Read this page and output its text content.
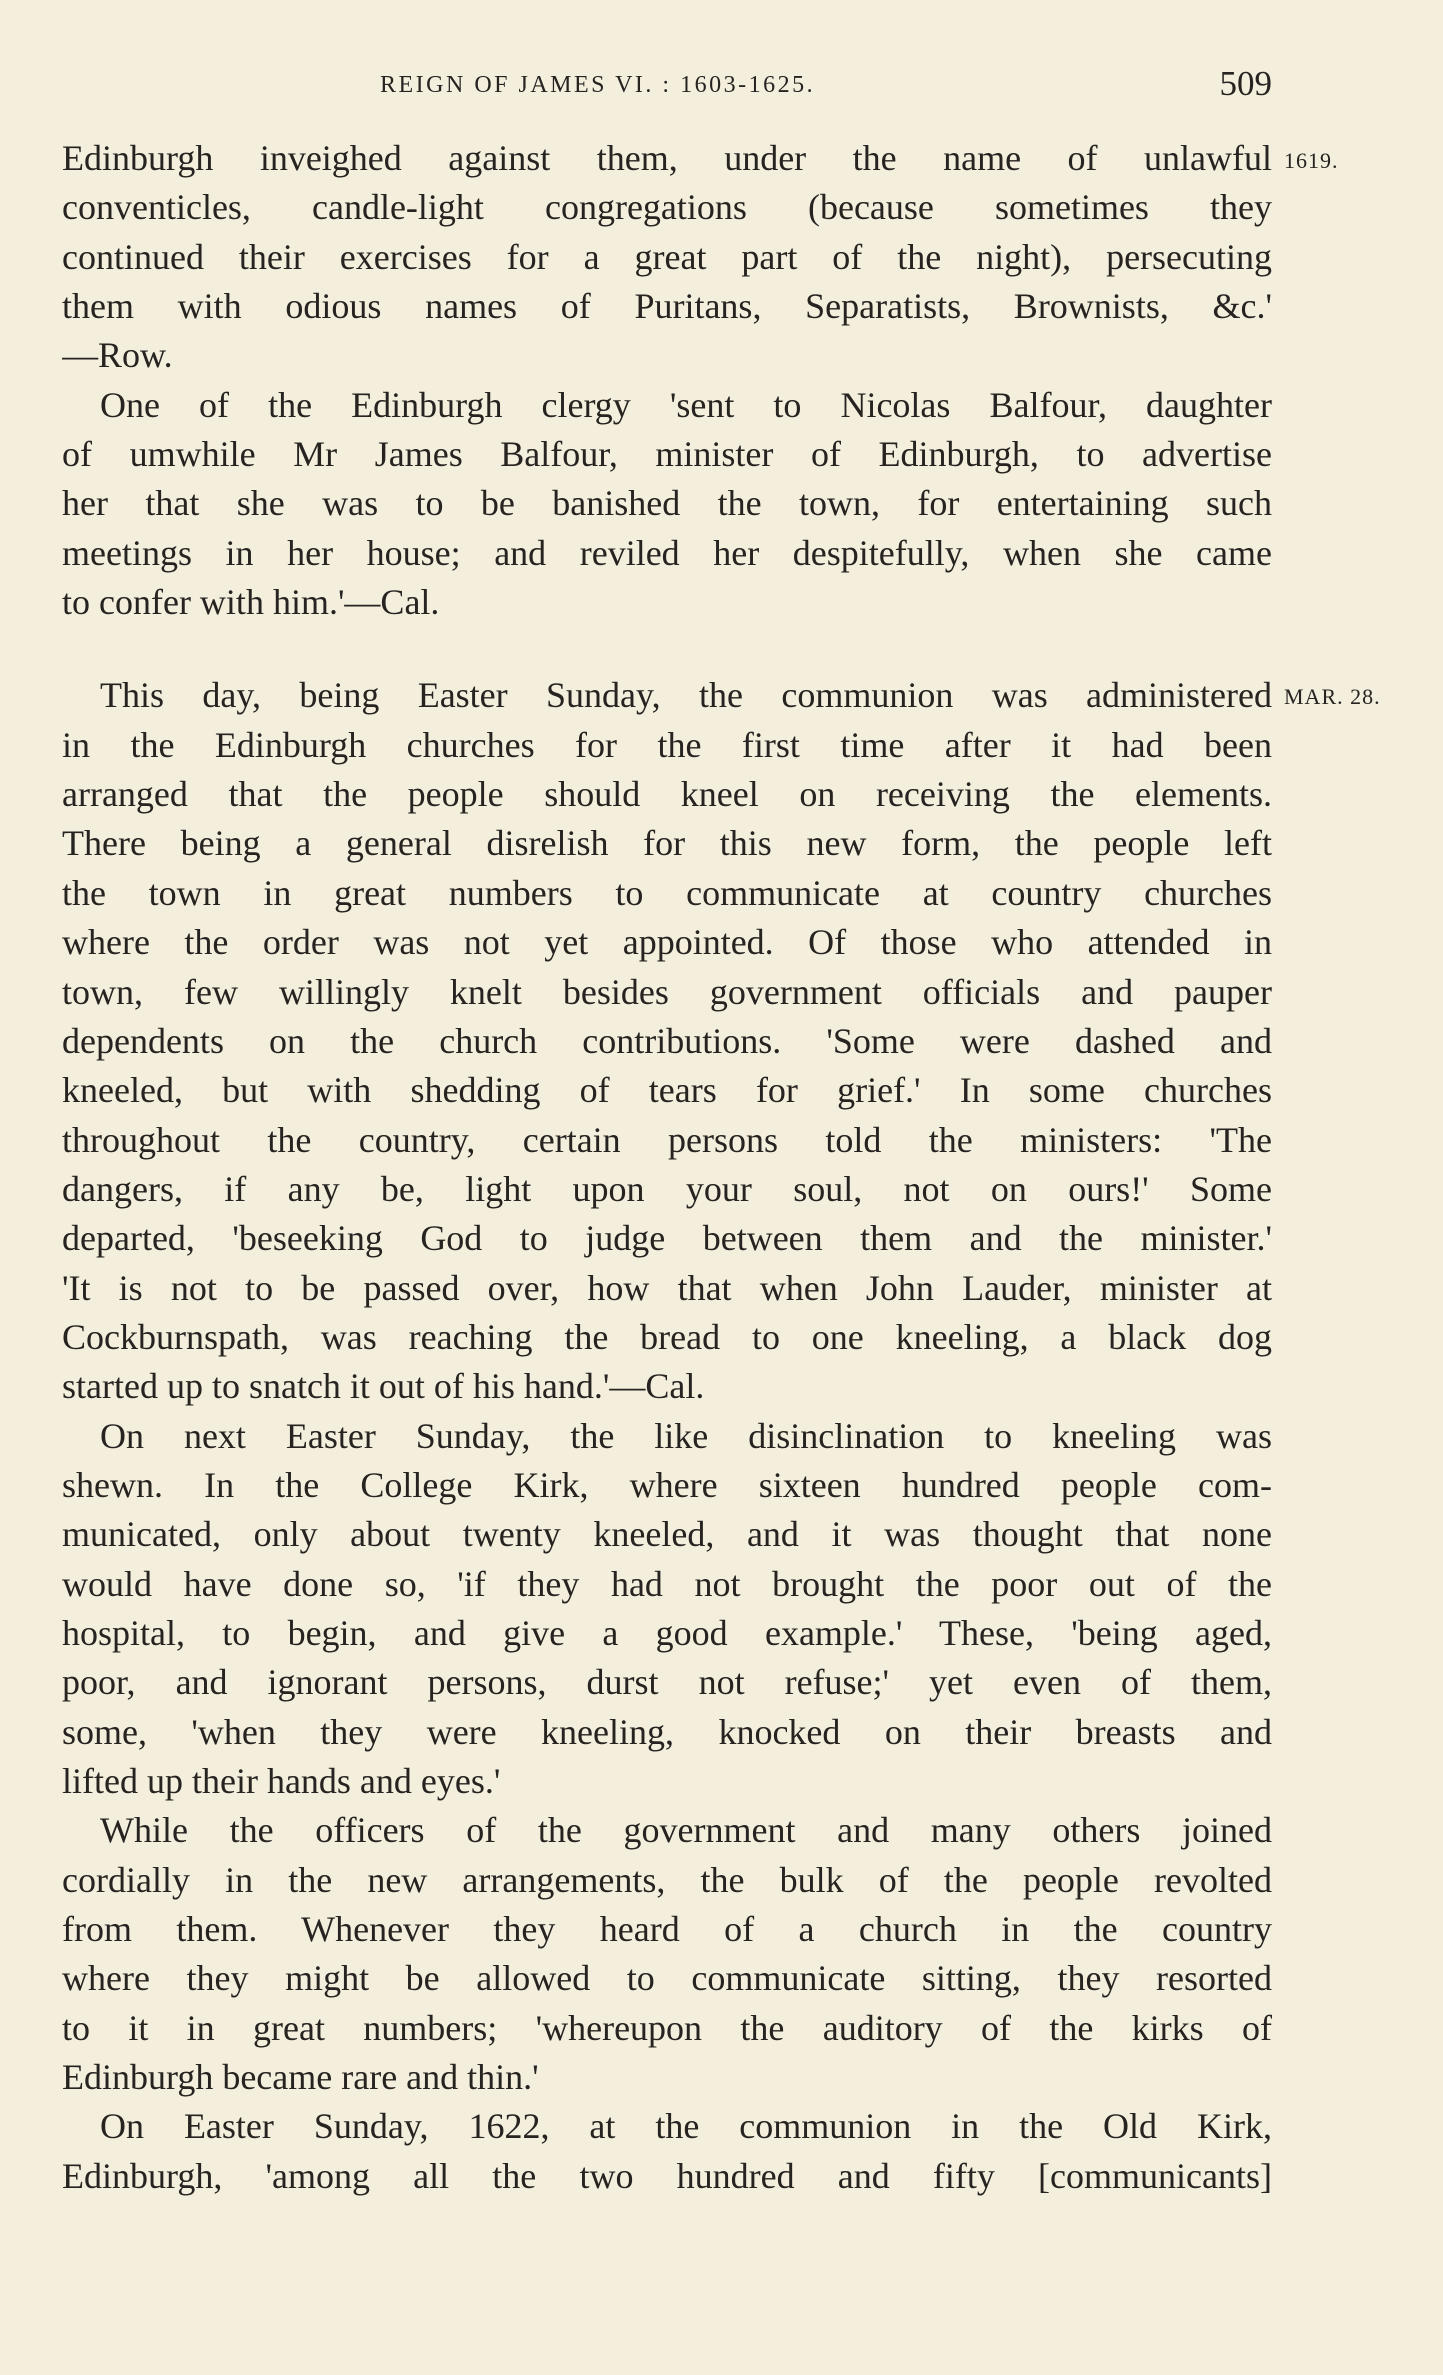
REIGN OF JAMES VI. : 1603-1625.	509
1619.
MAR. 28.
Edinburgh inveighed against them, under the name of unlawful
conventicles, candle-light congregations (because sometimes they
continued their exercises for a great part of the night), persecuting
them with odious names of Puritans, Separatists, Brownists, &c.'
—Row.
One of the Edinburgh clergy 'sent to Nicolas Balfour, daughter
of umwhile Mr James Balfour, minister of Edinburgh, to advertise
her that she was to be banished the town, for entertaining such
meetings in her house; and reviled her despitefully, when she came
to confer with him.'—Cal.
This day, being Easter Sunday, the communion was administered
in the Edinburgh churches for the first time after it had been
arranged that the people should kneel on receiving the elements.
There being a general disrelish for this new form, the people left
the town in great numbers to communicate at country churches
where the order was not yet appointed. Of those who attended in
town, few willingly knelt besides government officials and pauper
dependents on the church contributions. 'Some were dashed and
kneeled, but with shedding of tears for grief.' In some churches
throughout the country, certain persons told the ministers: 'The
dangers, if any be, light upon your soul, not on ours!' Some
departed, 'beseeking God to judge between them and the minister.'
'It is not to be passed over, how that when John Lauder, minister at
Cockburnspath, was reaching the bread to one kneeling, a black dog
started up to snatch it out of his hand.'—Cal.
On next Easter Sunday, the like disinclination to kneeling was
shewn. In the College Kirk, where sixteen hundred people com-
municated, only about twenty kneeled, and it was thought that none
would have done so, 'if they had not brought the poor out of the
hospital, to begin, and give a good example.' These, 'being aged,
poor, and ignorant persons, durst not refuse;' yet even of them,
some, 'when they were kneeling, knocked on their breasts and
lifted up their hands and eyes.'
While the officers of the government and many others joined
cordially in the new arrangements, the bulk of the people revolted
from them. Whenever they heard of a church in the country
where they might be allowed to communicate sitting, they resorted
to it in great numbers; 'whereupon the auditory of the kirks of
Edinburgh became rare and thin.'
On Easter Sunday, 1622, at the communion in the Old Kirk,
Edinburgh, 'among all the two hundred and fifty [communicants]
